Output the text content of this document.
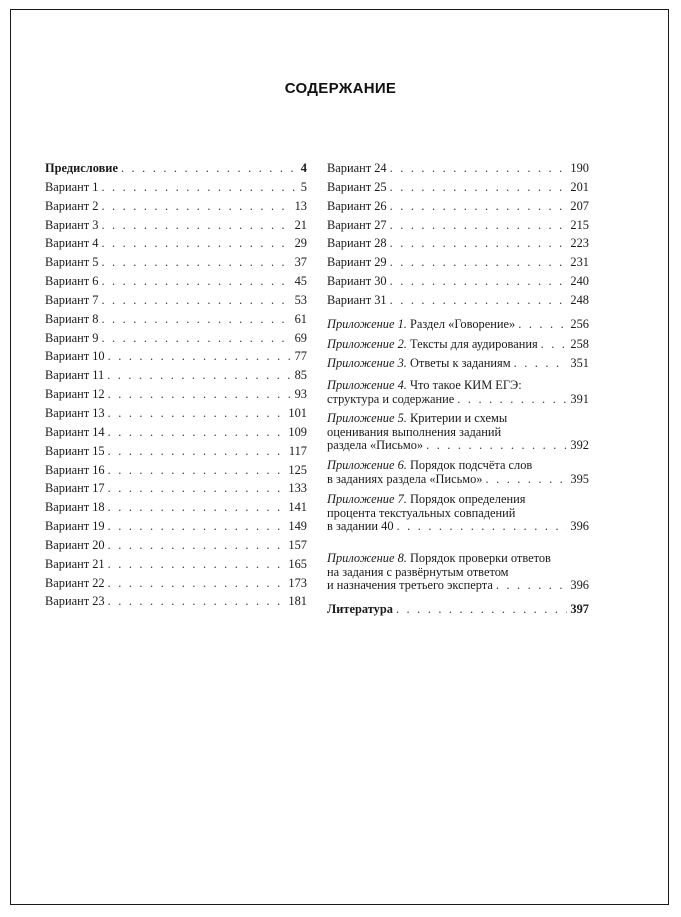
СОДЕРЖАНИЕ
Предисловие . . .	4
Вариант 1 . . .	5
Вариант 2 . . .	13
Вариант 3 . . .	21
Вариант 4 . . .	29
Вариант 5 . . .	37
Вариант 6 . . .	45
Вариант 7 . . .	53
Вариант 8 . . .	61
Вариант 9 . . .	69
Вариант 10 . . .	77
Вариант 11 . . .	85
Вариант 12 . . .	93
Вариант 13 . . .	101
Вариант 14 . . .	109
Вариант 15 . . .	117
Вариант 16 . . .	125
Вариант 17 . . .	133
Вариант 18 . . .	141
Вариант 19 . . .	149
Вариант 20 . . .	157
Вариант 21 . . .	165
Вариант 22 . . .	173
Вариант 23 . . .	181
Вариант 24 . . .	190
Вариант 25 . . .	201
Вариант 26 . . .	207
Вариант 27 . . .	215
Вариант 28 . . .	223
Вариант 29 . . .	231
Вариант 30 . . .	240
Вариант 31 . . .	248
Приложение 1. Раздел «Говорение» . . .	256
Приложение 2. Тексты для аудирования . . .	258
Приложение 3. Ответы к заданиям . . .	351
Приложение 4. Что такое КИМ ЕГЭ:
структура и содержание . . .	391
Приложение 5. Критерии и схемы
оценивания выполнения заданий
раздела «Письмо» . . .	392
Приложение 6. Порядок подсчёта слов
в заданиях раздела «Письмо» . . .	395
Приложение 7. Порядок определения
процента текстуальных совпадений
в задании 40 . . .	396
Приложение 8. Порядок проверки ответов
на задания с развёрнутым ответом
и назначения третьего эксперта . . .	396
Литература . . .	397
